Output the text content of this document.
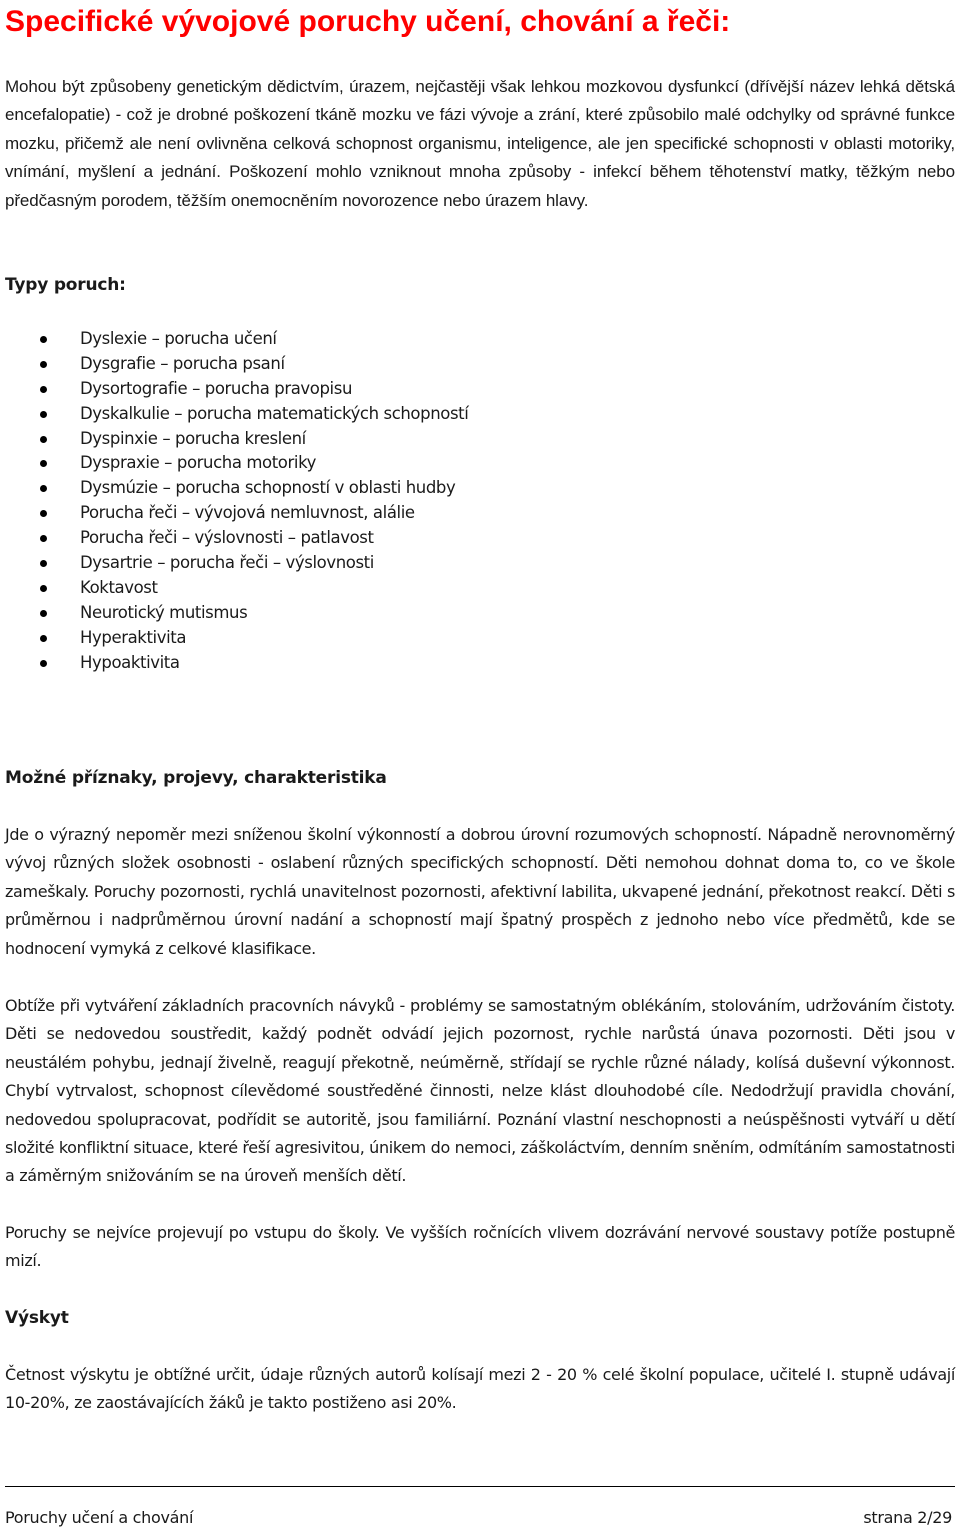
Specifické vývojové poruchy učení, chování a řeči:

Mohou být způsobeny genetickým dědictvím, úrazem, nejčastěji však lehkou mozkovou dysfunkcí (dřívější název lehká dětská encefalopatie) - což je drobné poškození tkáně mozku ve fázi vývoje a zrání, které způsobilo malé odchylky od správné funkce mozku, přičemž ale není ovlivněna celková schopnost organismu, inteligence, ale jen specifické schopnosti v oblasti motoriky, vnímání, myšlení a jednání. Poškození mohlo vzniknout mnoha způsoby - infekcí během těhotenství matky, těžkým nebo předčasným porodem, těžším onemocněním novorozence nebo úrazem hlavy.

Typy poruch:
Dyslexie – porucha učení
Dysgrafie – porucha psaní
Dysortografie – porucha pravopisu
Dyskalkulie – porucha matematických schopností
Dyspinxie – porucha kreslení
Dyspraxie – porucha motoriky
Dysmúzie – porucha schopností v oblasti hudby
Porucha řeči – vývojová nemluvnost, alálie
Porucha řeči – výslovnosti – patlavost
Dysartrie – porucha řeči – výslovnosti
Koktavost
Neurotický mutismus
Hyperaktivita
Hypoaktivita
Možné příznaky, projevy, charakteristika

Jde o výrazný nepoměr mezi sníženou školní výkonností a dobrou úrovní rozumových schopností. Nápadně nerovnoměrný vývoj různých složek osobnosti - oslabení různých specifických schopností. Děti nemohou dohnat doma to, co ve škole zameškaly. Poruchy pozornosti, rychlá unavitelnost pozornosti, afektivní labilita, ukvapené jednání, překotnost reakcí. Děti s průměrnou i nadprůměrnou úrovní nadání a schopností mají špatný prospěch z jednoho nebo více předmětů, kde se hodnocení vymyká z celkové klasifikace.

Obtíže při vytváření základních pracovních návyků - problémy se samostatným oblékáním, stolováním, udržováním čistoty. Děti se nedovedou soustředit, každý podnět odvádí jejich pozornost, rychle narůstá únava pozornosti. Děti jsou v neustálém pohybu, jednají živelně, reagují překotně, neúměrně, střídají se rychle různé nálady, kolísá duševní výkonnost. Chybí vytrvalost, schopnost cílevědomé soustředěné činnosti, nelze klást dlouhodobé cíle. Nedodržují pravidla chování, nedovedou spolupracovat, podřídit se autoritě, jsou familiární. Poznání vlastní neschopnosti a neúspěšnosti vytváří u dětí složité konfliktní situace, které řeší agresivitou, únikem do nemoci, záškoláctvím, denním sněním, odmítáním samostatnosti a záměrným snižováním se na úroveň menších dětí.

Poruchy se nejvíce projevují po vstupu do školy. Ve vyšších ročnících vlivem dozrávání nervové soustavy potíže postupně mizí.

Výskyt

Četnost výskytu je obtížné určit, údaje různých autorů kolísají mezi 2 - 20 % celé školní populace, učitelé I. stupně udávají 10-20%, ze zaostávajících žáků je takto postiženo asi 20%.

Poruchy učení a chování	strana 2/29
